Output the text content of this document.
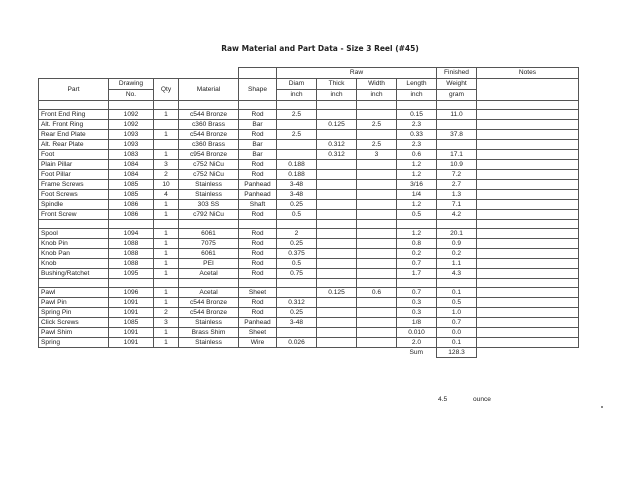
Raw Material and Part Data - Size 3 Reel (#45)
					Raw				Finished	Notes
Part	Drawing	Qty	Material	Shape	Diam	Thick	Width	Length	Weight	
	No.				inch	inch	inch	inch	gram	

Front End Ring	1092	1	c544 Bronze	Rod	2.5			0.15	11.0	
Alt. Front Ring	1092		c360 Brass	Bar		0.125	2.5	2.3		
Rear End Plate	1093	1	c544 Bronze	Rod	2.5			0.33	37.8	
Alt. Rear Plate	1093		c360 Brass	Bar		0.312	2.5	2.3		
Foot	1083	1	c954 Bronze	Bar		0.312	3	0.6	17.1	
Plain Pillar	1084	3	c752 NiCu	Rod	0.188			1.2	10.9	
Foot Pillar	1084	2	c752 NiCu	Rod	0.188			1.2	7.2	
Frame Screws	1085	10	Stainless	Panhead	3-48			3/16	2.7	
Foot Screws	1085	4	Stainless	Panhead	3-48			1/4	1.3	
Spindle	1086	1	303 SS	Shaft	0.25			1.2	7.1	
Front Screw	1086	1	c792 NiCu	Rod	0.5			0.5	4.2	

Spool	1094	1	6061	Rod	2			1.2	20.1	
Knob Pin	1088	1	7075	Rod	0.25			0.8	0.9	
Knob Pan	1088	1	6061	Rod	0.375			0.2	0.2	
Knob	1088	1	PEI	Rod	0.5			0.7	1.1	
Bushing/Ratchet	1095	1	Acetal	Rod	0.75			1.7	4.3	

Pawl	1096	1	Acetal	Sheet		0.125	0.6	0.7	0.1	
Pawl Pin	1091	1	c544 Bronze	Rod	0.312			0.3	0.5	
Spring Pin	1091	2	c544 Bronze	Rod	0.25			0.3	1.0	
Click Screws	1085	3	Stainless	Panhead	3-48			1/8	0.7	
Pawl Shim	1091	1	Brass Shim	Sheet				0.010	0.0	
Spring	1091	1	Stainless	Wire	0.026			2.0	0.1	
								Sum	128.3	
4.5	ounce
